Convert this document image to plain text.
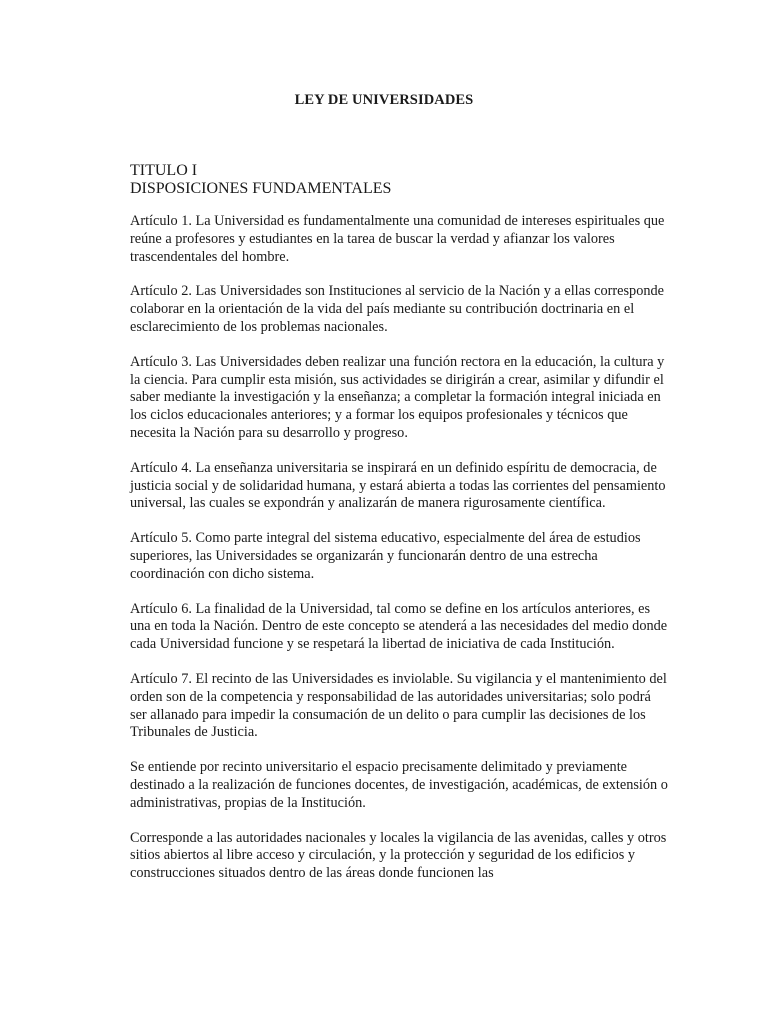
LEY DE UNIVERSIDADES

TITULO I

DISPOSICIONES FUNDAMENTALES

Artículo 1. La Universidad es fundamentalmente una comunidad de intereses espirituales que reúne a profesores y estudiantes en la tarea de buscar la verdad y afianzar los valores trascendentales del hombre.

Artículo 2. Las Universidades son Instituciones al servicio de la Nación y a ellas corresponde colaborar en la orientación de la vida del país mediante su contribución doctrinaria en el esclarecimiento de los problemas nacionales.

Artículo 3. Las Universidades deben realizar una función rectora en la educación, la cultura y la ciencia. Para cumplir esta misión, sus actividades se dirigirán a crear, asimilar y difundir el saber mediante la investigación y la enseñanza; a completar la formación integral iniciada en los ciclos educacionales anteriores; y a formar los equipos profesionales y técnicos que necesita la Nación para su desarrollo y progreso.

Artículo 4. La enseñanza universitaria se inspirará en un definido espíritu de democracia, de justicia social y de solidaridad humana, y estará abierta a todas las corrientes del pensamiento universal, las cuales se expondrán y analizarán de manera rigurosamente científica.

Artículo 5. Como parte integral del sistema educativo, especialmente del área de estudios superiores, las Universidades se organizarán y funcionarán dentro de una estrecha coordinación con dicho sistema.

Artículo 6. La finalidad de la Universidad, tal como se define en los artículos anteriores, es una en toda la Nación. Dentro de este concepto se atenderá a las necesidades del medio donde cada Universidad funcione y se respetará la libertad de iniciativa de cada Institución.

Artículo 7. El recinto de las Universidades es inviolable. Su vigilancia y el mantenimiento del orden son de la competencia y responsabilidad de las autoridades universitarias; solo podrá ser allanado para impedir la consumación de un delito o para cumplir las decisiones de los Tribunales de Justicia.

Se entiende por recinto universitario el espacio precisamente delimitado y previamente destinado a la realización de funciones docentes, de investigación, académicas, de extensión o administrativas, propias de la Institución.

Corresponde a las autoridades nacionales y locales la vigilancia de las avenidas, calles y otros sitios abiertos al libre acceso y circulación, y la protección y seguridad de los edificios y construcciones situados dentro de las áreas donde funcionen las
